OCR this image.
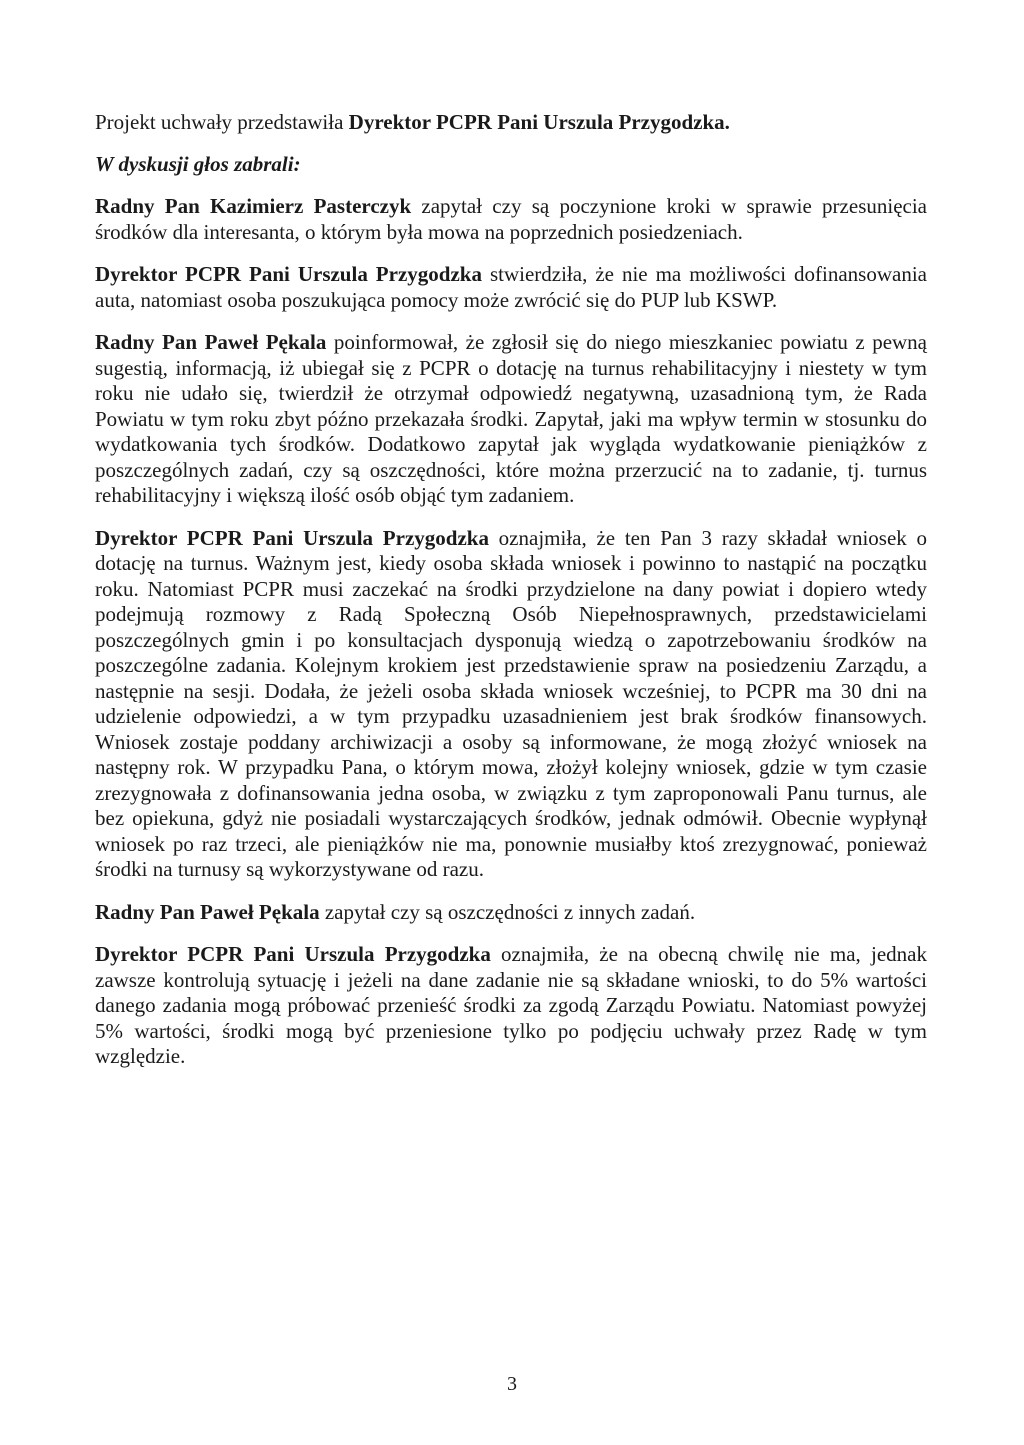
Projekt uchwały przedstawiła Dyrektor PCPR Pani Urszula Przygodzka.

W dyskusji głos zabrali:

Radny Pan Kazimierz Pasterczyk zapytał czy są poczynione kroki w sprawie przesunięcia środków dla interesanta, o którym była mowa na poprzednich posiedzeniach.

Dyrektor PCPR Pani Urszula Przygodzka stwierdziła, że nie ma możliwości dofinansowania auta, natomiast osoba poszukująca pomocy może zwrócić się do PUP lub KSWP.

Radny Pan Paweł Pękala poinformował, że zgłosił się do niego mieszkaniec powiatu z pewną sugestią, informacją, iż ubiegał się z PCPR o dotację na turnus rehabilitacyjny i niestety w tym roku nie udało się, twierdził że otrzymał odpowiedź negatywną, uzasadnioną tym, że Rada Powiatu w tym roku zbyt późno przekazała środki. Zapytał, jaki ma wpływ termin w stosunku do wydatkowania tych środków. Dodatkowo zapytał jak wygląda wydatkowanie pieniążków z poszczególnych zadań, czy są oszczędności, które można przerzucić na to zadanie, tj. turnus rehabilitacyjny i większą ilość osób objąć tym zadaniem.

Dyrektor PCPR Pani Urszula Przygodzka oznajmiła, że ten Pan 3 razy składał wniosek o dotację na turnus. Ważnym jest, kiedy osoba składa wniosek i powinno to nastąpić na początku roku. Natomiast PCPR musi zaczekać na środki przydzielone na dany powiat i dopiero wtedy podejmują rozmowy z Radą Społeczną Osób Niepełnosprawnych, przedstawicielami poszczególnych gmin i po konsultacjach dysponują wiedzą o zapotrzebowaniu środków na poszczególne zadania. Kolejnym krokiem jest przedstawienie spraw na posiedzeniu Zarządu, a następnie na sesji. Dodała, że jeżeli osoba składa wniosek wcześniej, to PCPR ma 30 dni na udzielenie odpowiedzi, a w tym przypadku uzasadnieniem jest brak środków finansowych. Wniosek zostaje poddany archiwizacji a osoby są informowane, że mogą złożyć wniosek na następny rok. W przypadku Pana, o którym mowa, złożył kolejny wniosek, gdzie w tym czasie zrezygnowała z dofinansowania jedna osoba, w związku z tym zaproponowali Panu turnus, ale bez opiekuna, gdyż nie posiadali wystarczających środków, jednak odmówił. Obecnie wypłynął wniosek po raz trzeci, ale pieniążków nie ma, ponownie musiałby ktoś zrezygnować, ponieważ środki na turnusy są wykorzystywane od razu.

Radny Pan Paweł Pękala zapytał czy są oszczędności z innych zadań.

Dyrektor PCPR Pani Urszula Przygodzka oznajmiła, że na obecną chwilę nie ma, jednak zawsze kontrolują sytuację i jeżeli na dane zadanie nie są składane wnioski, to do 5% wartości danego zadania mogą próbować przenieść środki za zgodą Zarządu Powiatu. Natomiast powyżej 5% wartości, środki mogą być przeniesione tylko po podjęciu uchwały przez Radę w tym względzie.

3
